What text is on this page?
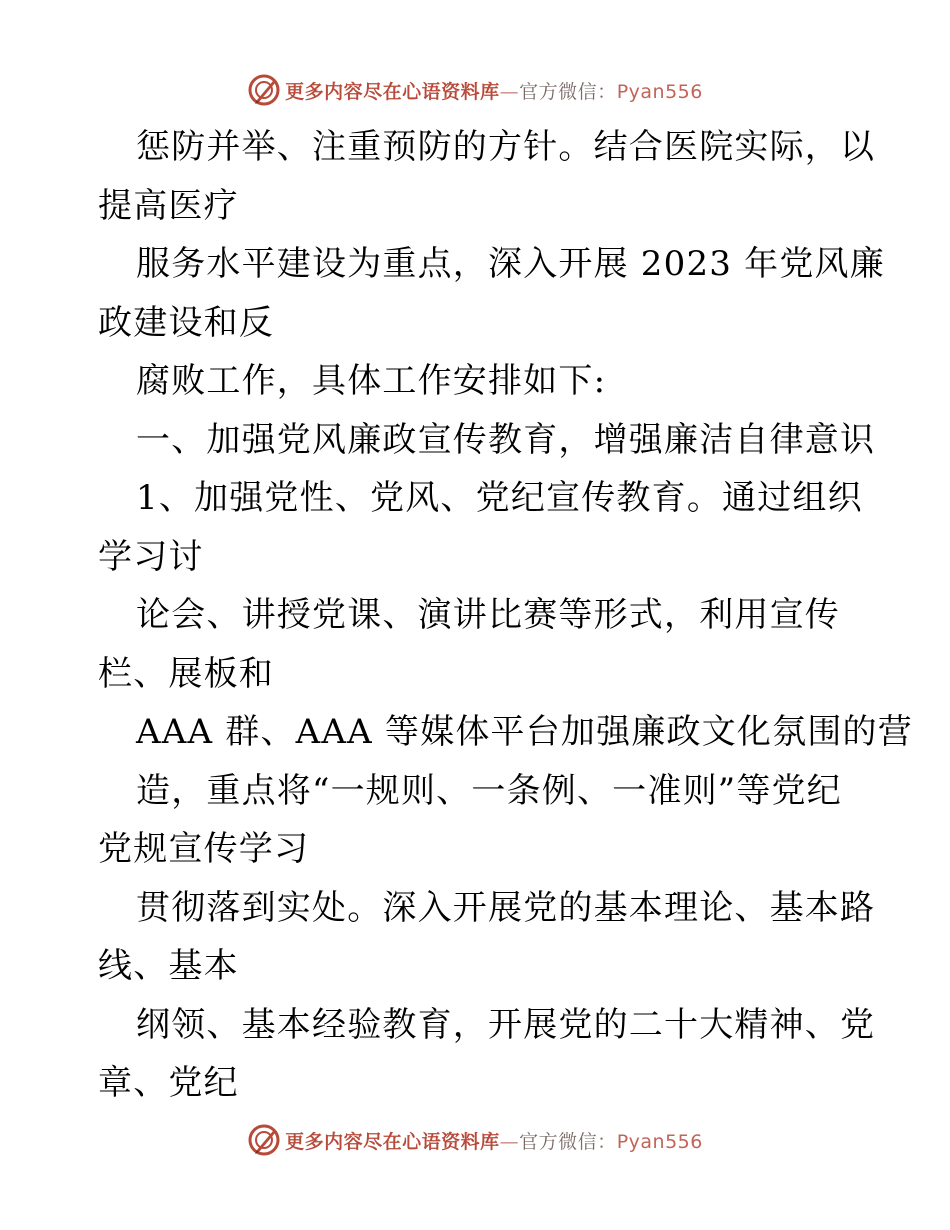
更多内容尽在心语资料库—官方微信：Pyan556
惩防并举、注重预防的方针。结合医院实际，以
提高医疗
服务水平建设为重点，深入开展 2023 年党风廉
政建设和反
腐败工作，具体工作安排如下:
一、加强党风廉政宣传教育，增强廉洁自律意识
1、加强党性、党风、党纪宣传教育。通过组织
学习讨
论会、讲授党课、演讲比赛等形式，利用宣传
栏、展板和
AAA 群、AAA 等媒体平台加强廉政文化氛围的营
造，重点将“一规则、一条例、一准则”等党纪
党规宣传学习
贯彻落到实处。深入开展党的基本理论、基本路
线、基本
纲领、基本经验教育，开展党的二十大精神、党
章、党纪
更多内容尽在心语资料库—官方微信：Pyan556
